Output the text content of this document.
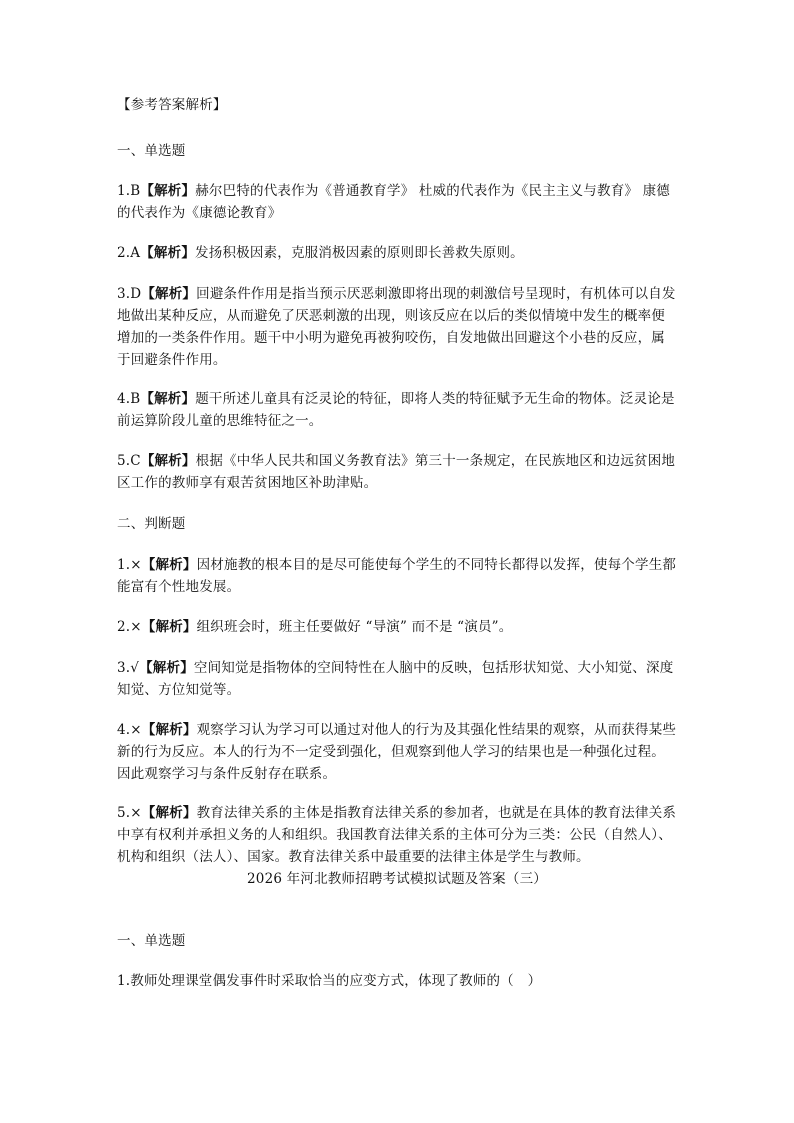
【参考答案解析】
一、单选题
1.B【解析】赫尔巴特的代表作为《普通教育学》 杜威的代表作为《民主主义与教育》 康德的代表作为《康德论教育》
2.A【解析】发扬积极因素，克服消极因素的原则即长善救失原则。
3.D【解析】回避条件作用是指当预示厌恶刺激即将出现的刺激信号呈现时，有机体可以自发地做出某种反应，从而避免了厌恶刺激的出现，则该反应在以后的类似情境中发生的概率便增加的一类条件作用。题干中小明为避免再被狗咬伤，自发地做出回避这个小巷的反应，属于回避条件作用。
4.B【解析】题干所述儿童具有泛灵论的特征，即将人类的特征赋予无生命的物体。泛灵论是前运算阶段儿童的思维特征之一。
5.C【解析】根据《中华人民共和国义务教育法》第三十一条规定，在民族地区和边远贫困地区工作的教师享有艰苦贫困地区补助津贴。
二、判断题
1.×【解析】因材施教的根本目的是尽可能使每个学生的不同特长都得以发挥，使每个学生都能富有个性地发展。
2.×【解析】组织班会时，班主任要做好 “导演” 而不是 “演员”。
3.√【解析】空间知觉是指物体的空间特性在人脑中的反映，包括形状知觉、大小知觉、深度知觉、方位知觉等。
4.×【解析】观察学习认为学习可以通过对他人的行为及其强化性结果的观察，从而获得某些新的行为反应。本人的行为不一定受到强化，但观察到他人学习的结果也是一种强化过程。因此观察学习与条件反射存在联系。
5.×【解析】教育法律关系的主体是指教育法律关系的参加者，也就是在具体的教育法律关系中享有权利并承担义务的人和组织。我国教育法律关系的主体可分为三类：公民（自然人）、机构和组织（法人）、国家。教育法律关系中最重要的法律主体是学生与教师。
2026 年河北教师招聘考试模拟试题及答案（三）
一、单选题
1.教师处理课堂偶发事件时采取恰当的应变方式，体现了教师的（　）
